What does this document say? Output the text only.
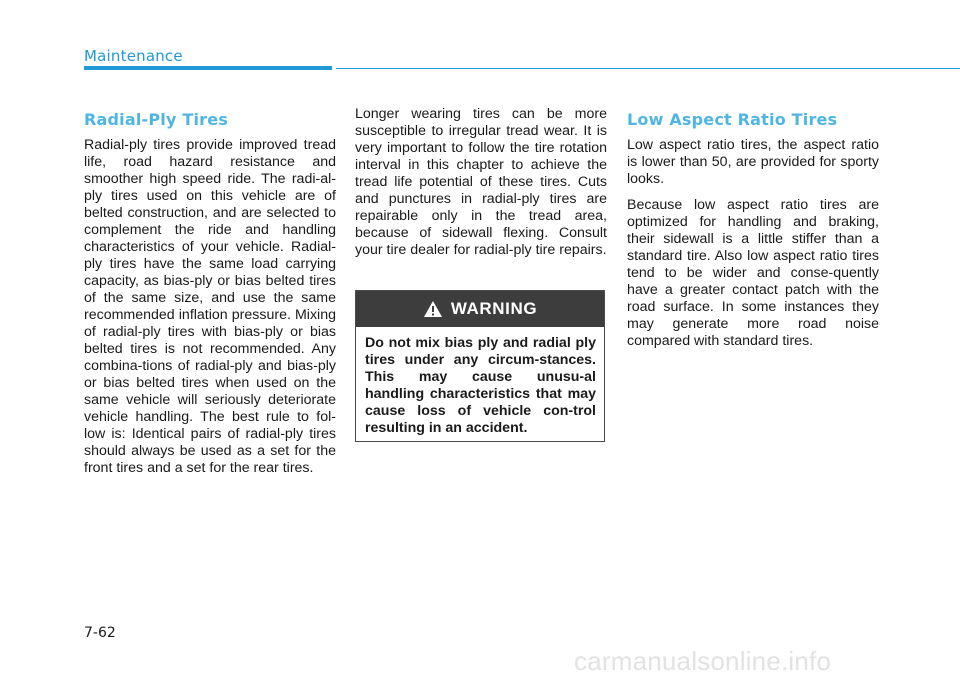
Maintenance
Radial-Ply Tires

Radial-ply tires provide improved tread life, road hazard resistance and smoother high speed ride. The radi-al-ply tires used on this vehicle are of belted construction, and are selected to complement the ride and handling characteristics of your vehicle. Radial-ply tires have the same load carrying capacity, as bias-ply or bias belted tires of the same size, and use the same recommended inflation pressure. Mixing of radial-ply tires with bias-ply or bias belted tires is not recommended. Any combina-tions of radial-ply and bias-ply or bias belted tires when used on the same vehicle will seriously deteriorate vehicle handling. The best rule to fol-low is: Identical pairs of radial-ply tires should always be used as a set for the front tires and a set for the rear tires.

Longer wearing tires can be more susceptible to irregular tread wear. It is very important to follow the tire rotation interval in this chapter to achieve the tread life potential of these tires. Cuts and punctures in radial-ply tires are repairable only in the tread area, because of sidewall flexing. Consult your tire dealer for radial-ply tire repairs.

WARNING
Do not mix bias ply and radial ply tires under any circum-stances. This may cause unusu-al handling characteristics that may cause loss of vehicle con-trol resulting in an accident.
Low Aspect Ratio Tires

Low aspect ratio tires, the aspect ratio is lower than 50, are provided for sporty looks.

Because low aspect ratio tires are optimized for handling and braking, their sidewall is a little stiffer than a standard tire. Also low aspect ratio tires tend to be wider and conse-quently have a greater contact patch with the road surface. In some instances they may generate more road noise compared with standard tires.

7-62
carmanualsonline.info
